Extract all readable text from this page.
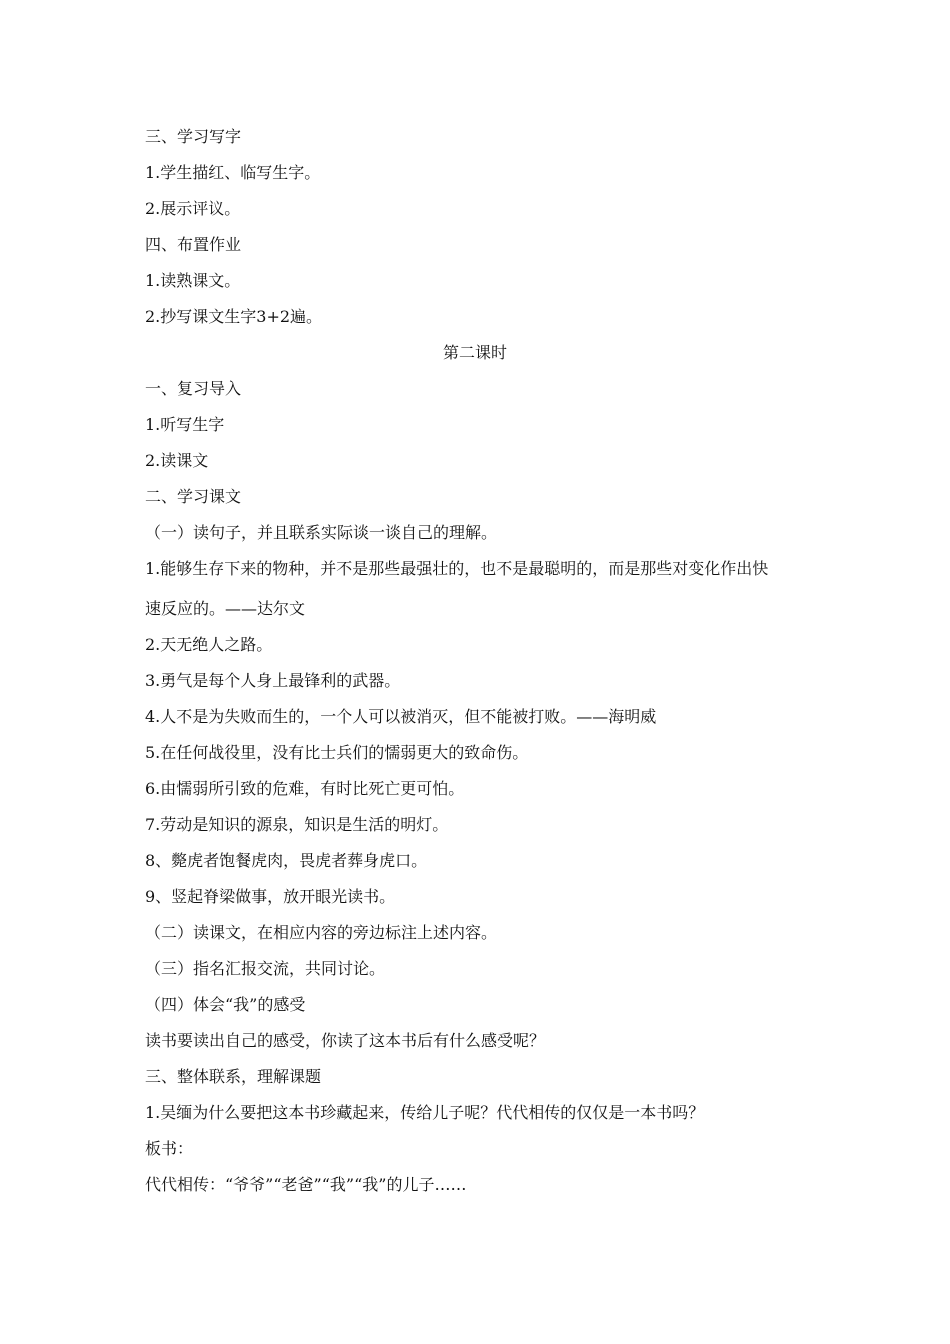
三、学习写字
1.学生描红、临写生字。
2.展示评议。
四、布置作业
1.读熟课文。
2.抄写课文生字3+2遍。
第二课时
一、复习导入
1.听写生字
2.读课文
二、学习课文
（一）读句子，并且联系实际谈一谈自己的理解。
1.能够生存下来的物种，并不是那些最强壮的，也不是最聪明的，而是那些对变化作出快
速反应的。——达尔文
2.天无绝人之路。
3.勇气是每个人身上最锋利的武器。
4.人不是为失败而生的，一个人可以被消灭，但不能被打败。——海明威
5.在任何战役里，没有比士兵们的懦弱更大的致命伤。
6.由懦弱所引致的危难，有时比死亡更可怕。
7.劳动是知识的源泉，知识是生活的明灯。
8、斃虎者饱餐虎肉，畏虎者葬身虎口。
9、竖起脊梁做事，放开眼光读书。
（二）读课文，在相应内容的旁边标注上述内容。
（三）指名汇报交流，共同讨论。
（四）体会“我”的感受
读书要读出自己的感受，你读了这本书后有什么感受呢？
三、整体联系，理解课题
1.吴缅为什么要把这本书珍藏起来，传给儿子呢？代代相传的仅仅是一本书吗？
板书：
代代相传：“爷爷”“老爸”“我”“我”的儿子……
